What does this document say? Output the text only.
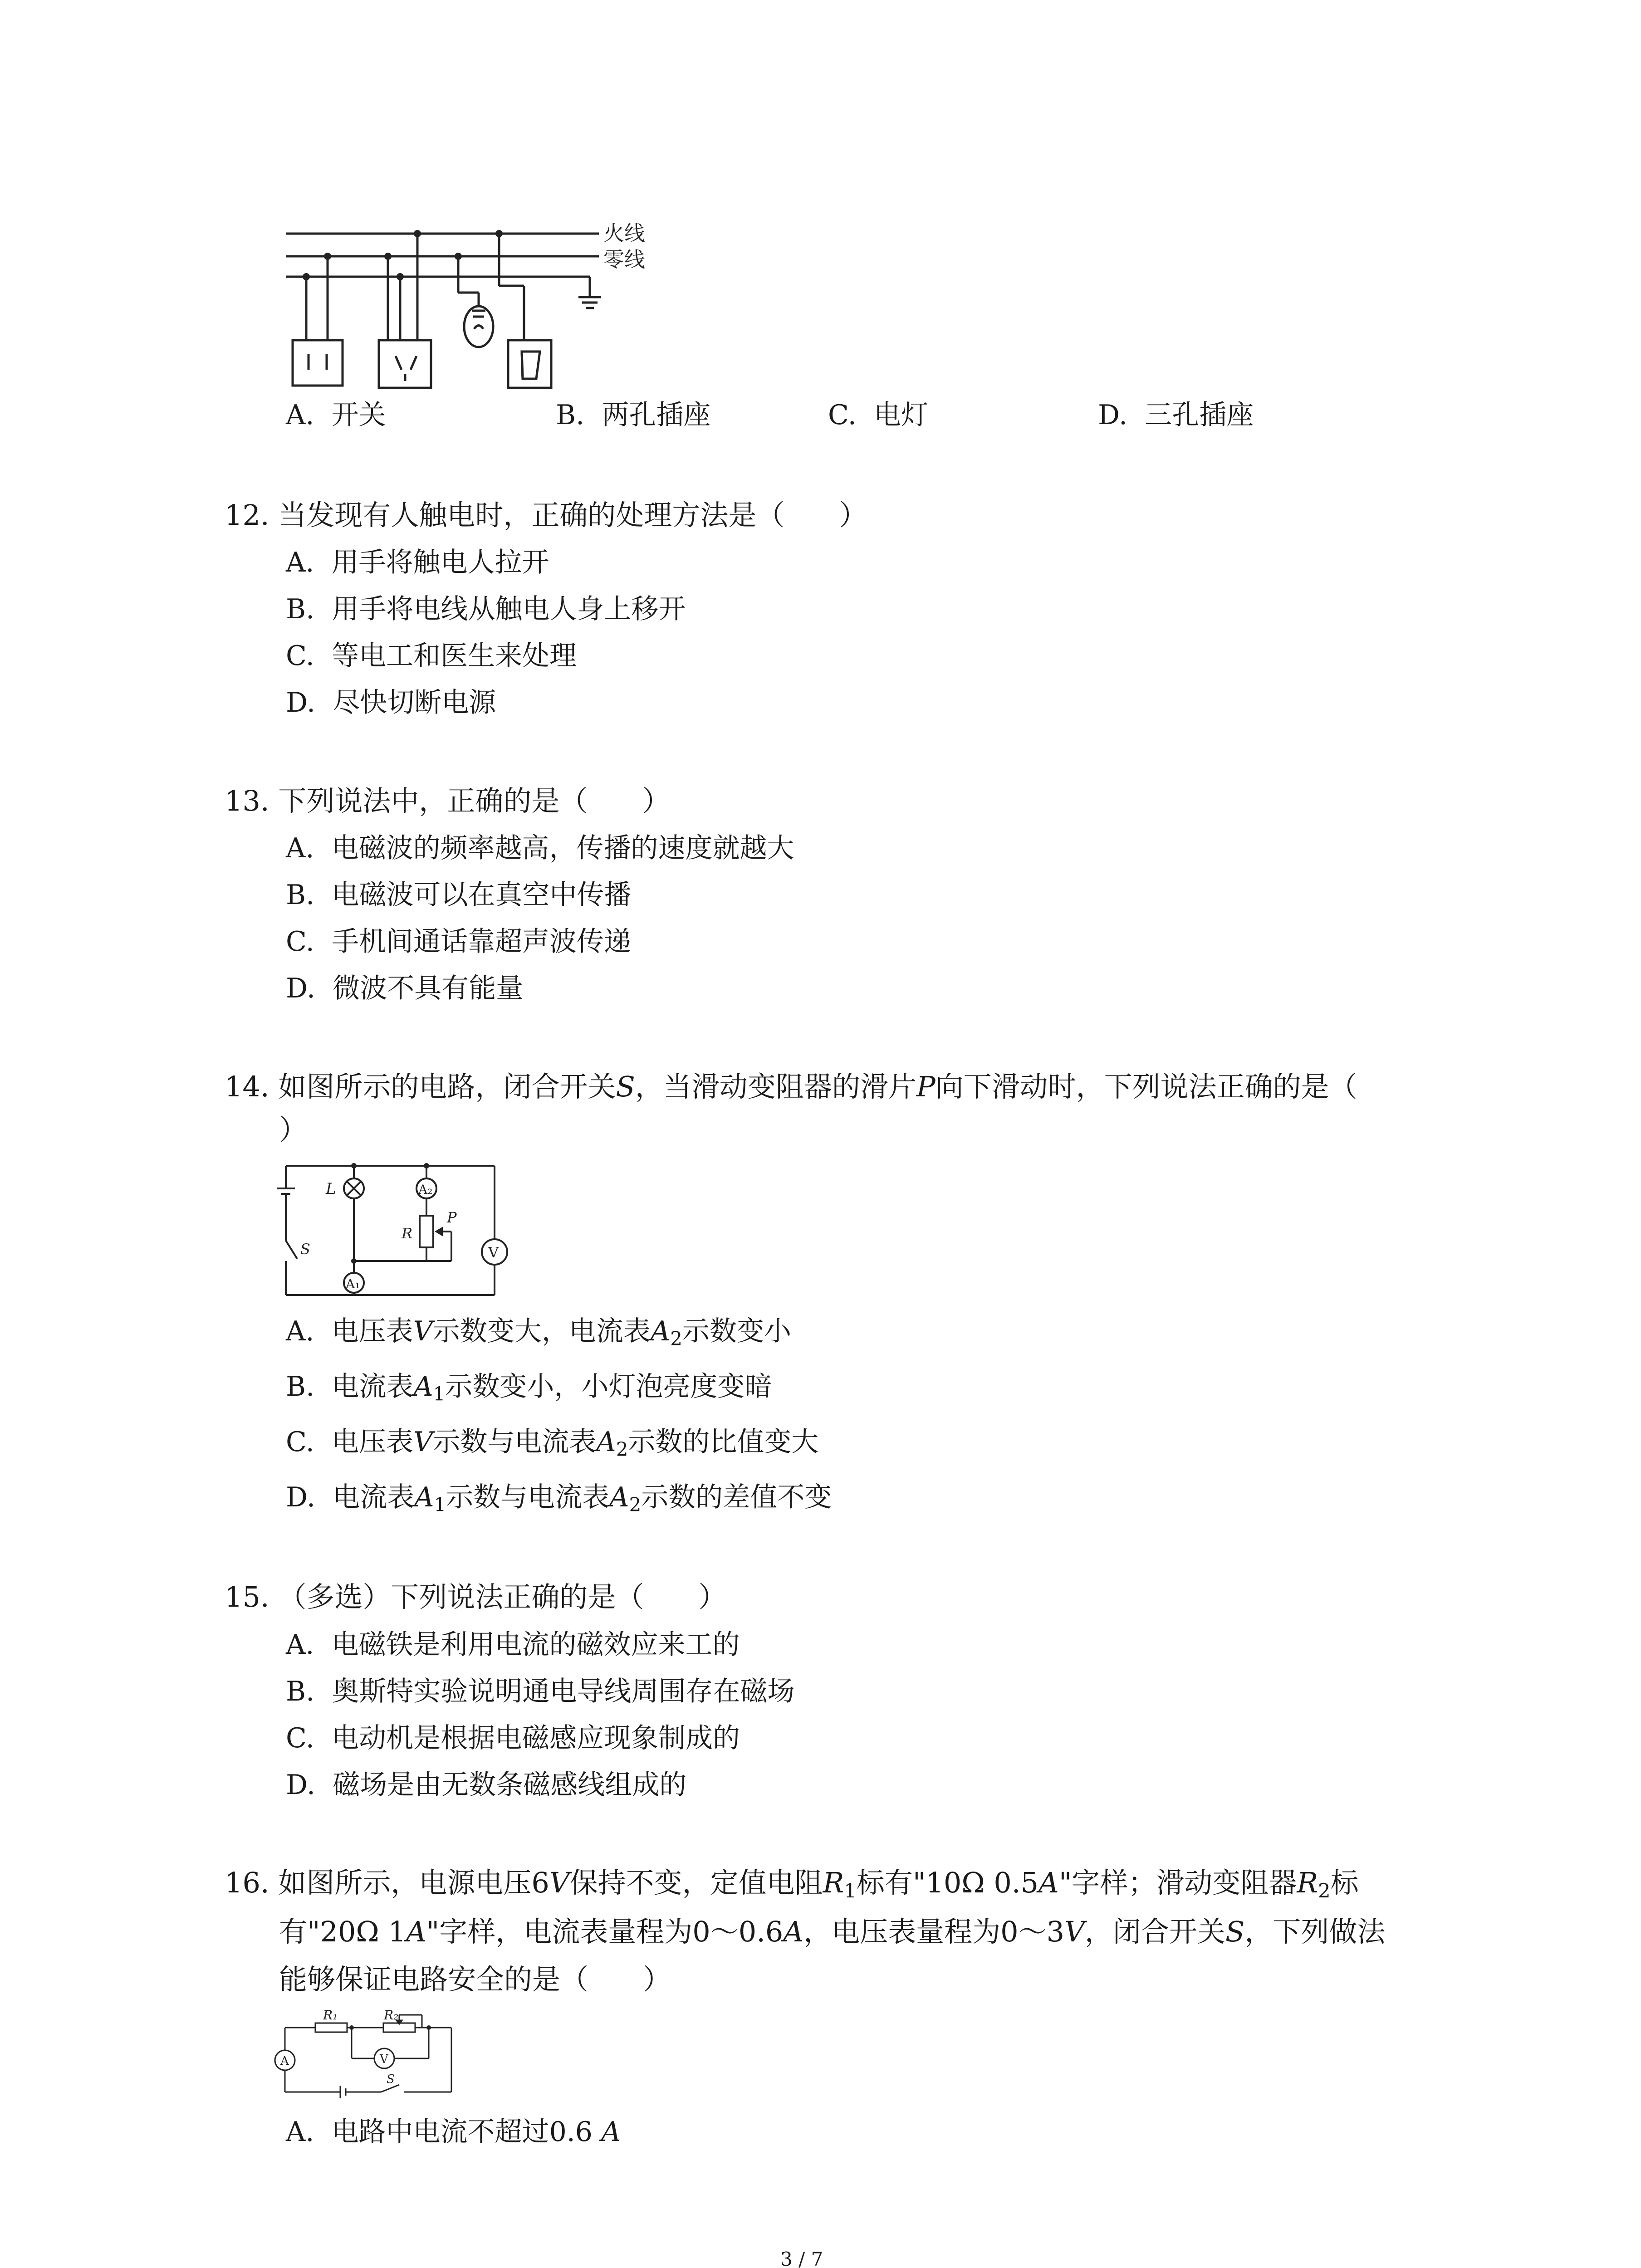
火线
零线
A. 开关	B. 两孔插座	C. 电灯	D. 三孔插座
12. 当发现有人触电时，正确的处理方法是（ ）
A. 用手将触电人拉开
B. 用手将电线从触电人身上移开
C. 等电工和医生来处理
D. 尽快切断电源
13. 下列说法中，正确的是（ ）
A. 电磁波的频率越高，传播的速度就越大
B. 电磁波可以在真空中传播
C. 手机间通话靠超声波传递
D. 微波不具有能量
14. 如图所示的电路，闭合开关S，当滑动变阻器的滑片P向下滑动时，下列说法正确的是（
）
L	A₂
P
R
V
S
A₁
A. 电压表V示数变大，电流表$A_2$示数变小
B. 电流表$A_1$示数变小，小灯泡亮度变暗
C. 电压表V示数与电流表$A_2$示数的比值变大
D. 电流表$A_1$示数与电流表$A_2$示数的差值不变
15. （多选）下列说法正确的是（ ）
A. 电磁铁是利用电流的磁效应来工的
B. 奥斯特实验说明通电导线周围存在磁场
C. 电动机是根据电磁感应现象制成的
D. 磁场是由无数条磁感线组成的
16. 如图所示，电源电压6V保持不变，定值电阻$R_1$标有"10Ω 0.5A"字样；滑动变阻器$R_2$标
有"20Ω 1A"字样，电流表量程为0～0.6A，电压表量程为0～3V，闭合开关S，下列做法
能够保证电路安全的是（ ）
R₁	R₂
A	V
S
A. 电路中电流不超过0.6 A
3 / 7
